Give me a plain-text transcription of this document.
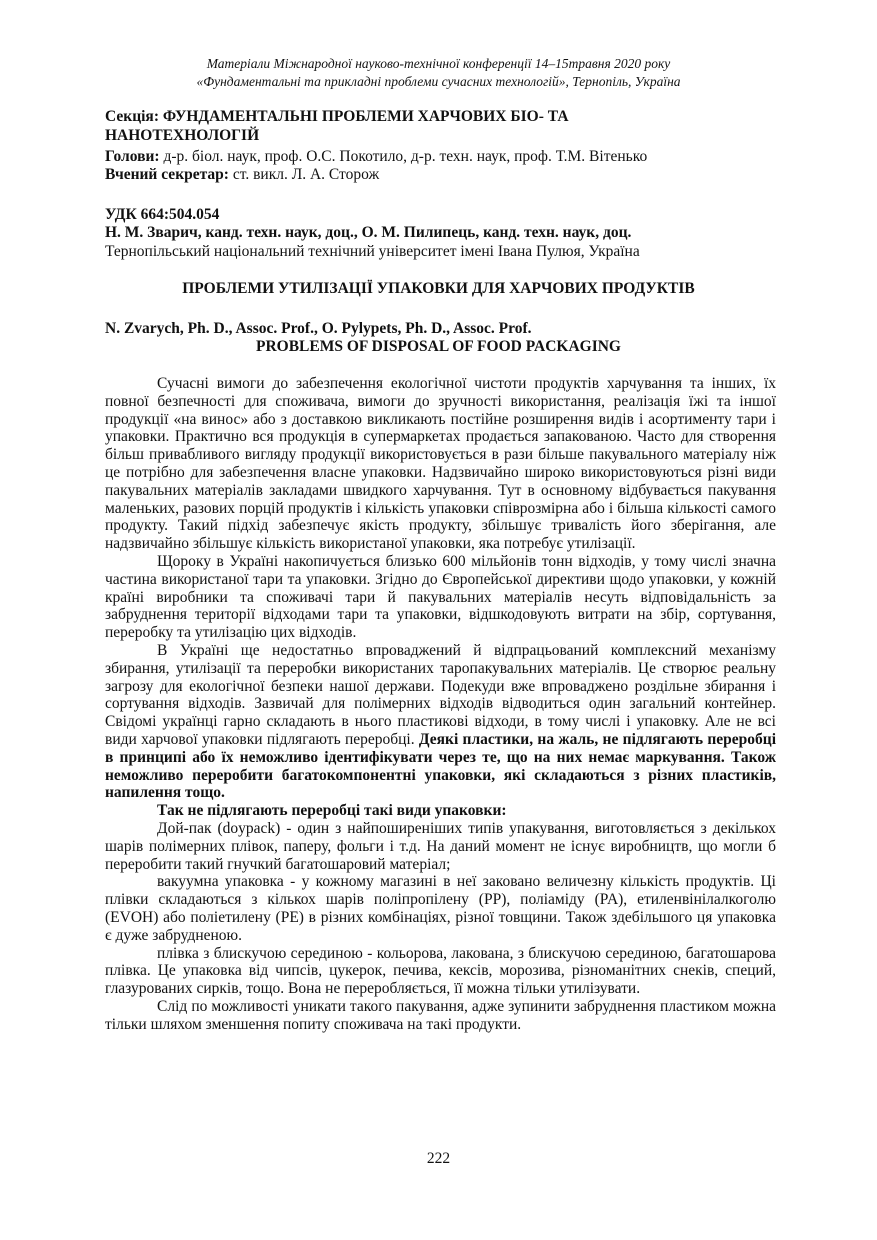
Матеріали Міжнародної науково-технічної конференції 14–15травня 2020 року
«Фундаментальні та прикладні проблеми сучасних технологій», Тернопіль, Україна
Секція: ФУНДАМЕНТАЛЬНІ ПРОБЛЕМИ ХАРЧОВИХ БІО- ТА
НАНОТЕХНОЛОГІЙ
Голови: д-р. біол. наук, проф. О.С. Покотило, д-р. техн. наук, проф. Т.М. Вітенько
Вчений секретар: ст. викл. Л. А. Сторож
УДК 664:504.054
Н. М. Зварич, канд. техн. наук, доц., О. М. Пилипець, канд. техн. наук, доц.
Тернопільський національний технічний університет імені Івана Пулюя, Україна
ПРОБЛЕМИ УТИЛІЗАЦІЇ УПАКОВКИ ДЛЯ ХАРЧОВИХ ПРОДУКТІВ
N. Zvarych, Ph. D., Assoc. Prof., O. Pylypets, Ph. D., Assoc. Prof.
PROBLEMS OF DISPOSAL OF FOOD PACKAGING

Сучасні вимоги до забезпечення екологічної чистоти продуктів харчування та інших, їх повної безпечності для споживача, вимоги до зручності використання, реалізація їжі та іншої продукції «на винос» або з доставкою викликають постійне розширення видів і асортименту тари і упаковки. Практично вся продукція в супермаркетах продається запакованою. Часто для створення більш привабливого вигляду продукції використовується в рази більше пакувального матеріалу ніж це потрібно для забезпечення власне упаковки. Надзвичайно широко використовуються різні види пакувальних матеріалів закладами швидкого харчування. Тут в основному відбувається пакування маленьких, разових порцій продуктів і кількість упаковки співрозмірна або і більша кількості самого продукту. Такий підхід забезпечує якість продукту, збільшує тривалість його зберігання, але надзвичайно збільшує кількість використаної упаковки, яка потребує утилізації.

Щороку в Україні накопичується близько 600 мільйонів тонн відходів, у тому числі значна частина використаної тари та упаковки. Згідно до Європейської директиви щодо упаковки, у кожній країні виробники та споживачі тари й пакувальних матеріалів несуть відповідальність за забруднення території відходами тари та упаковки, відшкодовують витрати на збір, сортування, переробку та утилізацію цих відходів.

В Україні ще недостатньо впроваджений й відпрацьований комплексний механізму збирання, утилізації та переробки використаних таропакувальних матеріалів. Це створює реальну загрозу для екологічної безпеки нашої держави. Подекуди вже впроваджено роздільне збирання і сортування відходів. Зазвичай для полімерних відходів відводиться один загальний контейнер. Свідомі українці гарно складають в нього пластикові відходи, в тому числі і упаковку. Але не всі види харчової упаковки підлягають переробці. Деякі пластики, на жаль, не підлягають переробці в принципі або їх неможливо ідентифікувати через те, що на них немає маркування. Також неможливо переробити багатокомпонентні упаковки, які складаються з різних пластиків, напилення тощо.

Так не підлягають переробці такі види упаковки:

Дой-пак (doypack) - один з найпоширеніших типів упакування, виготовляється з декількох шарів полімерних плівок, паперу, фольги і т.д. На даний момент не існує виробництв, що могли б переробити такий гнучкий багатошаровий матеріал;

вакуумна упаковка - у кожному магазині в неї заковано величезну кількість продуктів. Ці плівки складаються з кількох шарів поліпропілену (PP), поліаміду (PA), етиленвінілалкоголю (EVOH) або поліетилену (PE) в різних комбінаціях, різної товщини. Також здебільшого ця упаковка є дуже забрудненою.

плівка з блискучою серединою - кольорова, лакована, з блискучою серединою, багатошарова плівка. Це упаковка від чипсів, цукерок, печива, кексів, морозива, різноманітних снеків, специй, глазурованих сирків, тощо. Вона не переробляється, її можна тільки утилізувати.

Слід по можливості уникати такого пакування, адже зупинити забруднення пластиком можна тільки шляхом зменшення попиту споживача на такі продукти.

222
